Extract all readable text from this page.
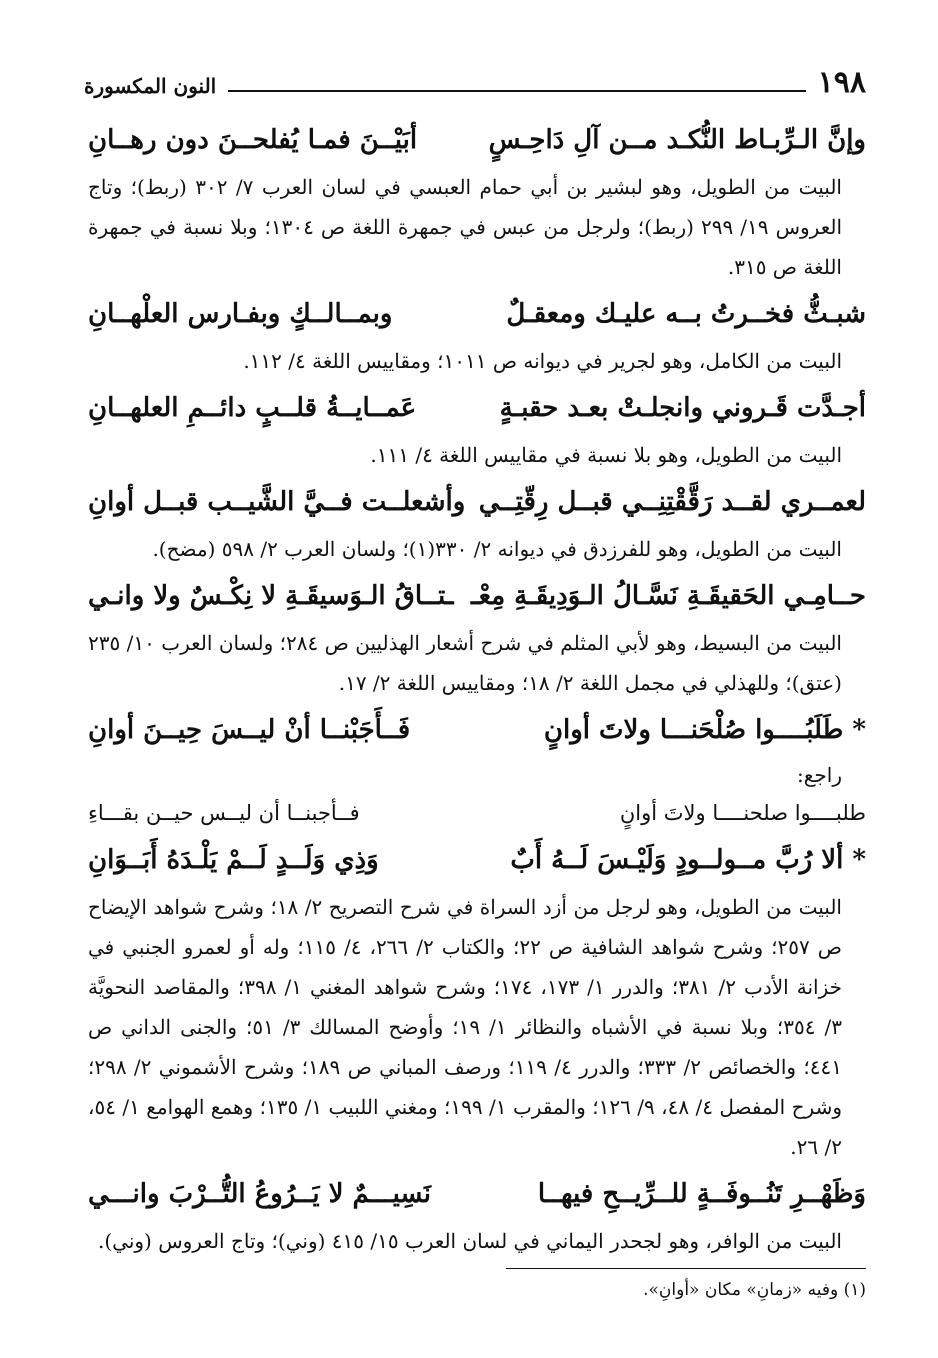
١٩٨
النون المكسورة
وإنَّ الـرِّبـاط النُّكـد مــن آلِ دَاحِـسٍ
أبَيْــنَ فمـا يُفلحــنَ دون رهــانِ

البيت من الطويل، وهو لبشير بن أبي حمام العبسي في لسان العرب ٧/ ٣٠٢ (ربط)؛ وتاج العروس ١٩/ ٢٩٩ (ربط)؛ ولرجل من عبس في جمهرة اللغة ص ١٣٠٤؛ وبلا نسبة في جمهرة اللغة ص ٣١٥.

شبـثُّ فخــرتُ بــه عليـك ومعقـلٌ
وبمــالــكٍ وبفـارس العلْهــانِ

البيت من الكامل، وهو لجرير في ديوانه ص ١٠١١؛ ومقاييس اللغة ٤/ ١١٢.

أجـدَّت قَـروني وانجلـتْ بعـد حقبـةٍ
عَمــايــةُ قلــبٍ دائــمِ العلهــانِ

البيت من الطويل، وهو بلا نسبة في مقاييس اللغة ٤/ ١١١.

لعمــري لقــد رَقَّقْتِنِــي قبــل رِقّتِــي
وأشعلــت فــيَّ الشَّيــب قبــل أوانِ

البيت من الطويل، وهو للفرزدق في ديوانه ٢/ ٣٣٠(١)؛ ولسان العرب ٢/ ٥٩٨ (مضح).

حــامِـي الحَقيقَـةِ نَسَّـالُ الـوَدِيقَـةِ مِعْـ
ـتــاقُ الـوَسيقَـةِ لا نِكْـسٌ ولا وانـي

البيت من البسيط، وهو لأبي المثلم في شرح أشعار الهذليين ص ٢٨٤؛ ولسان العرب ١٠/ ٢٣٥ (عتق)؛ وللهذلي في مجمل اللغة ٢/ ١٨؛ ومقاييس اللغة ٢/ ١٧.

* طَلَبُــــوا صُلْحَنـــا ولاتَ أوانٍ
فَــأَجَبْنــا أنْ ليــسَ حِيــنَ أوانِ
راجع:
طلبــــوا صلحنــــا ولاتَ أوانٍ
فــأجبنــا أن ليــس حيــن بقـــاءِ
* ألا رُبَّ مــولــودٍ وَلَيْـسَ لَــهُ أَبٌ
وَذِي وَلَــدٍ لَــمْ يَلْـدَهُ أَبَــوَانِ

البيت من الطويل، وهو لرجل من أزد السراة في شرح التصريح ٢/ ١٨؛ وشرح شواهد الإيضاح ص ٢٥٧؛ وشرح شواهد الشافية ص ٢٢؛ والكتاب ٢/ ٢٦٦، ٤/ ١١٥؛ وله أو لعمرو الجنبي في خزانة الأدب ٢/ ٣٨١؛ والدرر ١/ ١٧٣، ١٧٤؛ وشرح شواهد المغني ١/ ٣٩٨؛ والمقاصد النحويَّة ٣/ ٣٥٤؛ وبلا نسبة في الأشباه والنظائر ١/ ١٩؛ وأوضح المسالك ٣/ ٥١؛ والجنى الداني ص ٤٤١؛ والخصائص ٢/ ٣٣٣؛ والدرر ٤/ ١١٩؛ ورصف المباني ص ١٨٩؛ وشرح الأشموني ٢/ ٢٩٨؛ وشرح المفصل ٤/ ٤٨، ٩/ ١٢٦؛ والمقرب ١/ ١٩٩؛ ومغني اللبيب ١/ ١٣٥؛ وهمع الهوامع ١/ ٥٤، ٢/ ٢٦.

وَظَهْــرِ تَنُــوفَــةٍ للــرِّيــحِ فيهــا
نَسِيـــمٌ لا يَــرُوعُ التُّــرْبَ وانـــي

البيت من الوافر، وهو لجحدر اليماني في لسان العرب ١٥/ ٤١٥ (وني)؛ وتاج العروس (وني).

(١) وفيه «زمانِ» مكان «أوانِ».
